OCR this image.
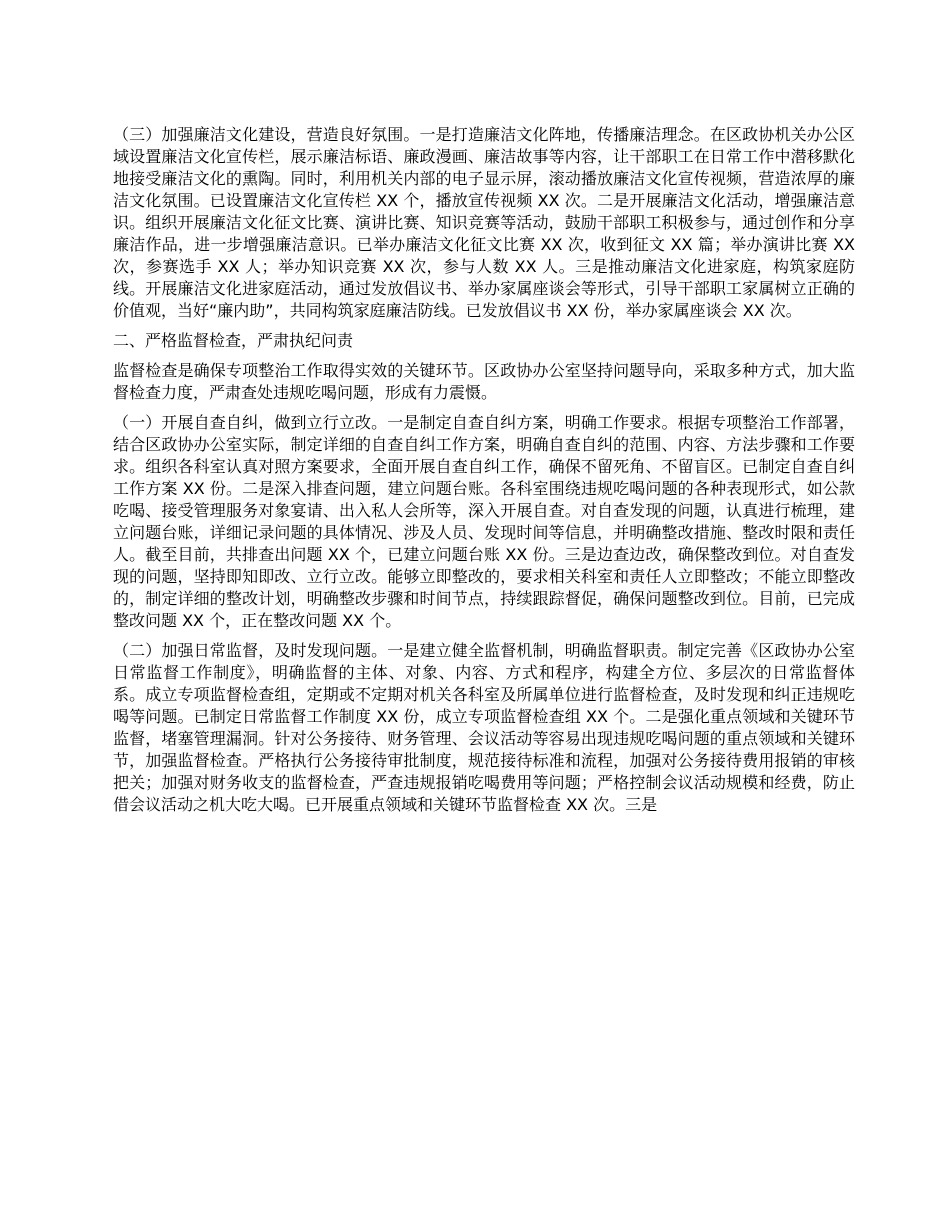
（三）加强廉洁文化建设，营造良好氛围。一是打造廉洁文化阵地，传播廉洁理念。在区政协机关办公区域设置廉洁文化宣传栏，展示廉洁标语、廉政漫画、廉洁故事等内容，让干部职工在日常工作中潜移默化地接受廉洁文化的熏陶。同时，利用机关内部的电子显示屏，滚动播放廉洁文化宣传视频，营造浓厚的廉洁文化氛围。已设置廉洁文化宣传栏 XX 个，播放宣传视频 XX 次。二是开展廉洁文化活动，增强廉洁意识。组织开展廉洁文化征文比赛、演讲比赛、知识竞赛等活动，鼓励干部职工积极参与，通过创作和分享廉洁作品，进一步增强廉洁意识。已举办廉洁文化征文比赛 XX 次，收到征文 XX 篇；举办演讲比赛 XX 次，参赛选手 XX 人；举办知识竞赛 XX 次，参与人数 XX 人。三是推动廉洁文化进家庭，构筑家庭防线。开展廉洁文化进家庭活动，通过发放倡议书、举办家属座谈会等形式，引导干部职工家属树立正确的价值观，当好“廉内助”，共同构筑家庭廉洁防线。已发放倡议书 XX 份，举办家属座谈会 XX 次。

二、严格监督检查，严肃执纪问责

监督检查是确保专项整治工作取得实效的关键环节。区政协办公室坚持问题导向，采取多种方式，加大监督检查力度，严肃查处违规吃喝问题，形成有力震慑。

（一）开展自查自纠，做到立行立改。一是制定自查自纠方案，明确工作要求。根据专项整治工作部署，结合区政协办公室实际，制定详细的自查自纠工作方案，明确自查自纠的范围、内容、方法步骤和工作要求。组织各科室认真对照方案要求，全面开展自查自纠工作，确保不留死角、不留盲区。已制定自查自纠工作方案 XX 份。二是深入排查问题，建立问题台账。各科室围绕违规吃喝问题的各种表现形式，如公款吃喝、接受管理服务对象宴请、出入私人会所等，深入开展自查。对自查发现的问题，认真进行梳理，建立问题台账，详细记录问题的具体情况、涉及人员、发现时间等信息，并明确整改措施、整改时限和责任人。截至目前，共排查出问题 XX 个，已建立问题台账 XX 份。三是边查边改，确保整改到位。对自查发现的问题，坚持即知即改、立行立改。能够立即整改的，要求相关科室和责任人立即整改；不能立即整改的，制定详细的整改计划，明确整改步骤和时间节点，持续跟踪督促，确保问题整改到位。目前，已完成整改问题 XX 个，正在整改问题 XX 个。

（二）加强日常监督，及时发现问题。一是建立健全监督机制，明确监督职责。制定完善《区政协办公室日常监督工作制度》，明确监督的主体、对象、内容、方式和程序，构建全方位、多层次的日常监督体系。成立专项监督检查组，定期或不定期对机关各科室及所属单位进行监督检查，及时发现和纠正违规吃喝等问题。已制定日常监督工作制度 XX 份，成立专项监督检查组 XX 个。二是强化重点领域和关键环节监督，堵塞管理漏洞。针对公务接待、财务管理、会议活动等容易出现违规吃喝问题的重点领域和关键环节，加强监督检查。严格执行公务接待审批制度，规范接待标准和流程，加强对公务接待费用报销的审核把关；加强对财务收支的监督检查，严查违规报销吃喝费用等问题；严格控制会议活动规模和经费，防止借会议活动之机大吃大喝。已开展重点领域和关键环节监督检查 XX 次。三是
